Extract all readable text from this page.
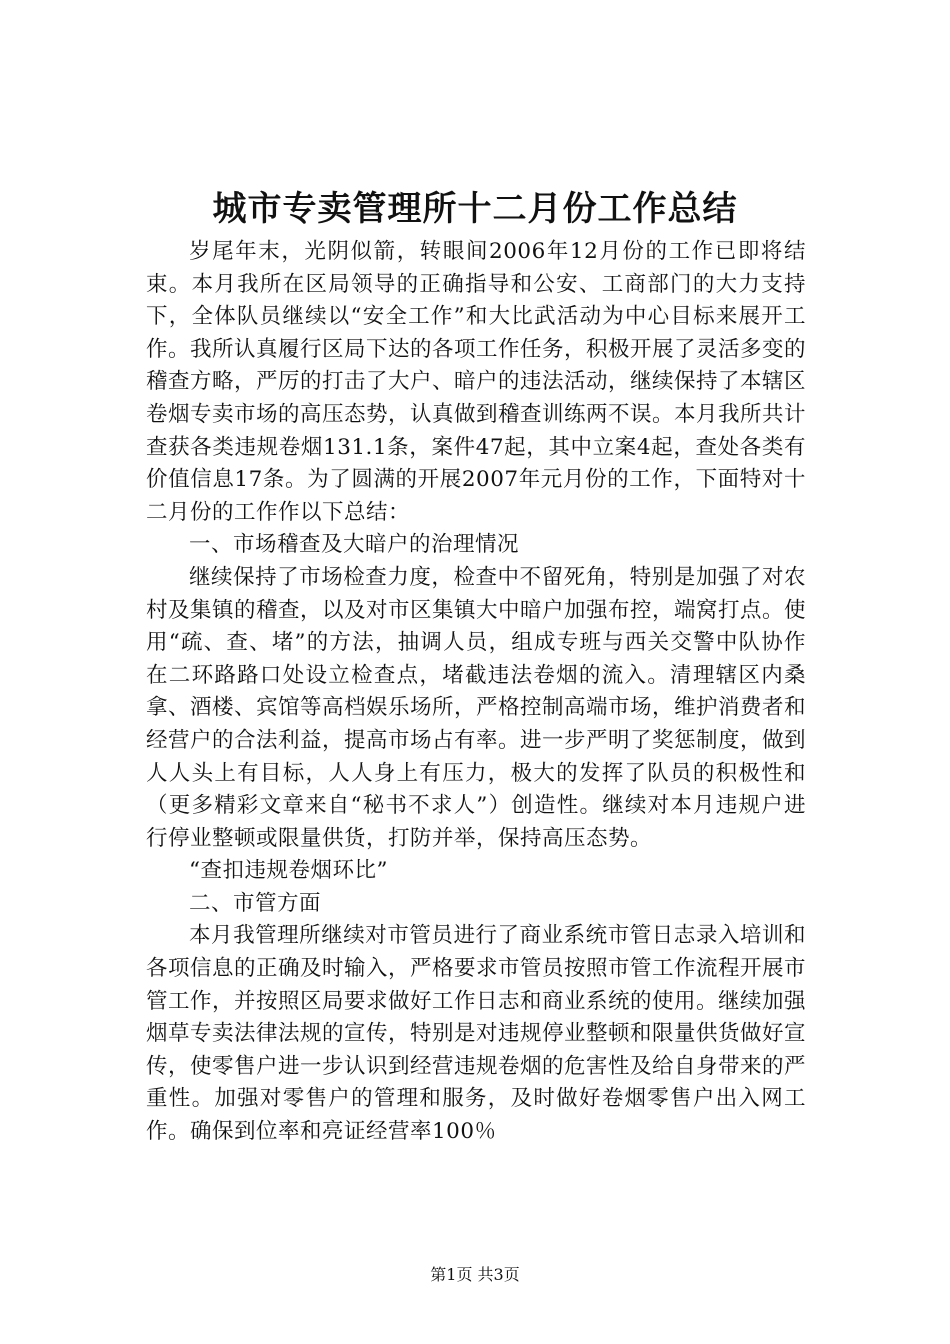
城市专卖管理所十二月份工作总结

岁尾年末，光阴似箭，转眼间2006年12月份的工作已即将结束。本月我所在区局领导的正确指导和公安、工商部门的大力支持下，全体队员继续以“安全工作”和大比武活动为中心目标来展开工作。我所认真履行区局下达的各项工作任务，积极开展了灵活多变的稽查方略，严厉的打击了大户、暗户的违法活动，继续保持了本辖区卷烟专卖市场的高压态势，认真做到稽查训练两不误。本月我所共计查获各类违规卷烟131.1条，案件47起，其中立案4起，查处各类有价值信息17条。为了圆满的开展2007年元月份的工作，下面特对十二月份的工作作以下总结：

一、市场稽查及大暗户的治理情况

继续保持了市场检查力度，检查中不留死角，特别是加强了对农村及集镇的稽查，以及对市区集镇大中暗户加强布控，端窝打点。使用“疏、查、堵”的方法，抽调人员，组成专班与西关交警中队协作在二环路路口处设立检查点，堵截违法卷烟的流入。清理辖区内桑拿、酒楼、宾馆等高档娱乐场所，严格控制高端市场，维护消费者和经营户的合法利益，提高市场占有率。进一步严明了奖惩制度，做到人人头上有目标，人人身上有压力，极大的发挥了队员的积极性和（更多精彩文章来自“秘书不求人”）创造性。继续对本月违规户进行停业整顿或限量供货，打防并举，保持高压态势。

“查扣违规卷烟环比”

二、市管方面

本月我管理所继续对市管员进行了商业系统市管日志录入培训和各项信息的正确及时输入，严格要求市管员按照市管工作流程开展市管工作，并按照区局要求做好工作日志和商业系统的使用。继续加强烟草专卖法律法规的宣传，特别是对违规停业整顿和限量供货做好宣传，使零售户进一步认识到经营违规卷烟的危害性及给自身带来的严重性。加强对零售户的管理和服务，及时做好卷烟零售户出入网工作。确保到位率和亮证经营率100％

第1页 共3页
